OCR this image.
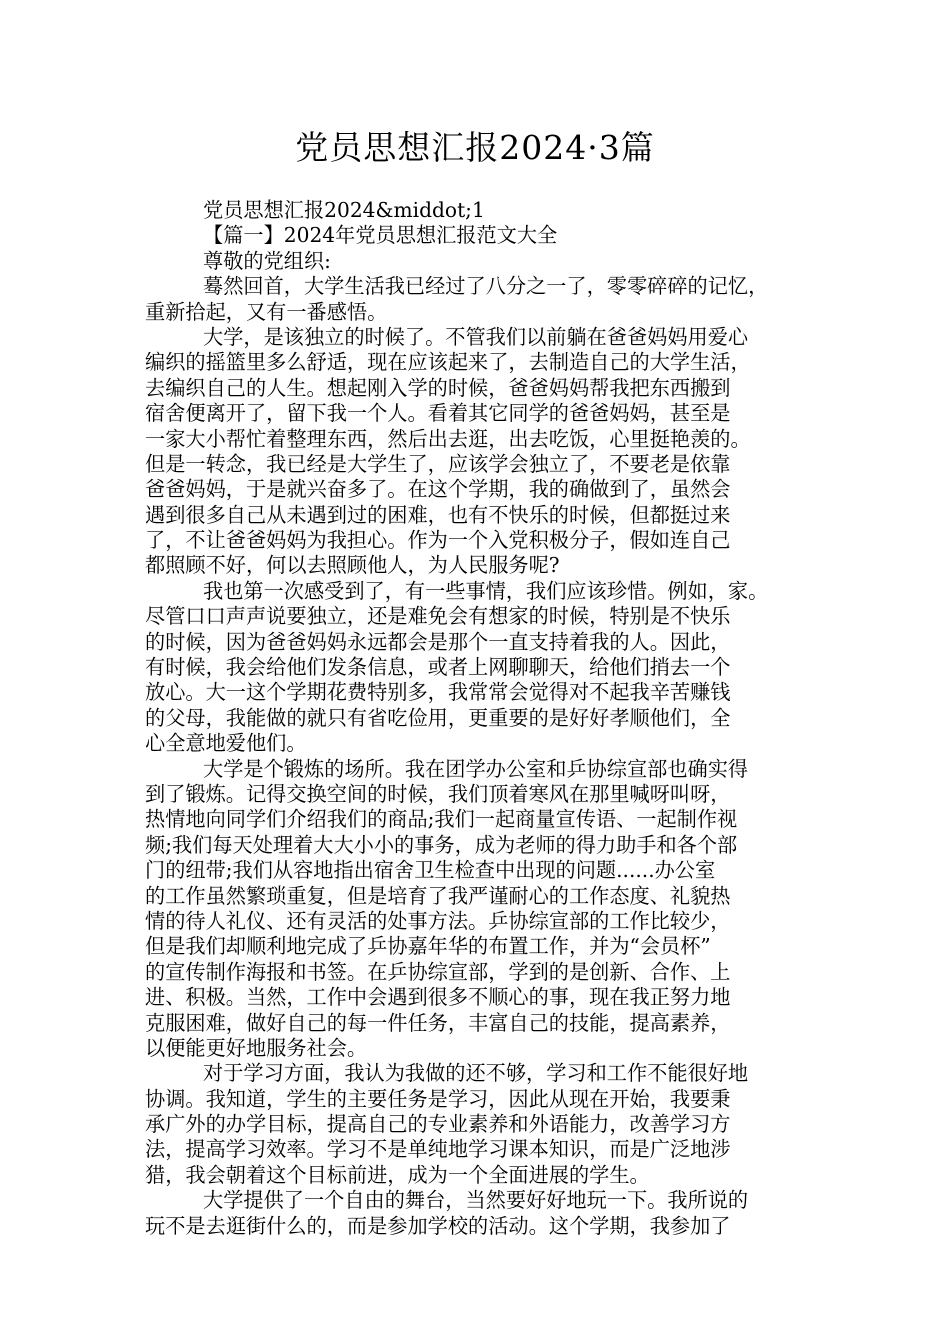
党员思想汇报2024·3篇
党员思想汇报2024&middot;1
【篇一】2024年党员思想汇报范文大全
尊敬的党组织:
蓦然回首，大学生活我已经过了八分之一了，零零碎碎的记忆，
重新拾起，又有一番感悟。
大学，是该独立的时候了。不管我们以前躺在爸爸妈妈用爱心
编织的摇篮里多么舒适，现在应该起来了，去制造自己的大学生活，
去编织自己的人生。想起刚入学的时候，爸爸妈妈帮我把东西搬到
宿舍便离开了，留下我一个人。看着其它同学的爸爸妈妈，甚至是
一家大小帮忙着整理东西，然后出去逛，出去吃饭，心里挺艳羡的。
但是一转念，我已经是大学生了，应该学会独立了，不要老是依靠
爸爸妈妈，于是就兴奋多了。在这个学期，我的确做到了，虽然会
遇到很多自己从未遇到过的困难，也有不快乐的时候，但都挺过来
了，不让爸爸妈妈为我担心。作为一个入党积极分子，假如连自己
都照顾不好，何以去照顾他人，为人民服务呢?
我也第一次感受到了，有一些事情，我们应该珍惜。例如，家。
尽管口口声声说要独立，还是难免会有想家的时候，特别是不快乐
的时候，因为爸爸妈妈永远都会是那个一直支持着我的人。因此，
有时候，我会给他们发条信息，或者上网聊聊天，给他们捎去一个
放心。大一这个学期花费特别多，我常常会觉得对不起我辛苦赚钱
的父母，我能做的就只有省吃俭用，更重要的是好好孝顺他们，全
心全意地爱他们。
大学是个锻炼的场所。我在团学办公室和乒协综宣部也确实得
到了锻炼。记得交换空间的时候，我们顶着寒风在那里喊呀叫呀，
热情地向同学们介绍我们的商品;我们一起商量宣传语、一起制作视
频;我们每天处理着大大小小的事务，成为老师的得力助手和各个部
门的纽带;我们从容地指出宿舍卫生检查中出现的问题......办公室
的工作虽然繁琐重复，但是培育了我严谨耐心的工作态度、礼貌热
情的待人礼仪、还有灵活的处事方法。乒协综宣部的工作比较少，
但是我们却顺利地完成了乒协嘉年华的布置工作，并为“会员杯”
的宣传制作海报和书签。在乒协综宣部，学到的是创新、合作、上
进、积极。当然，工作中会遇到很多不顺心的事，现在我正努力地
克服困难，做好自己的每一件任务，丰富自己的技能，提高素养，
以便能更好地服务社会。
对于学习方面，我认为我做的还不够，学习和工作不能很好地
协调。我知道，学生的主要任务是学习，因此从现在开始，我要秉
承广外的办学目标，提高自己的专业素养和外语能力，改善学习方
法，提高学习效率。学习不是单纯地学习课本知识，而是广泛地涉
猎，我会朝着这个目标前进，成为一个全面进展的学生。
大学提供了一个自由的舞台，当然要好好地玩一下。我所说的
玩不是去逛街什么的，而是参加学校的活动。这个学期，我参加了
